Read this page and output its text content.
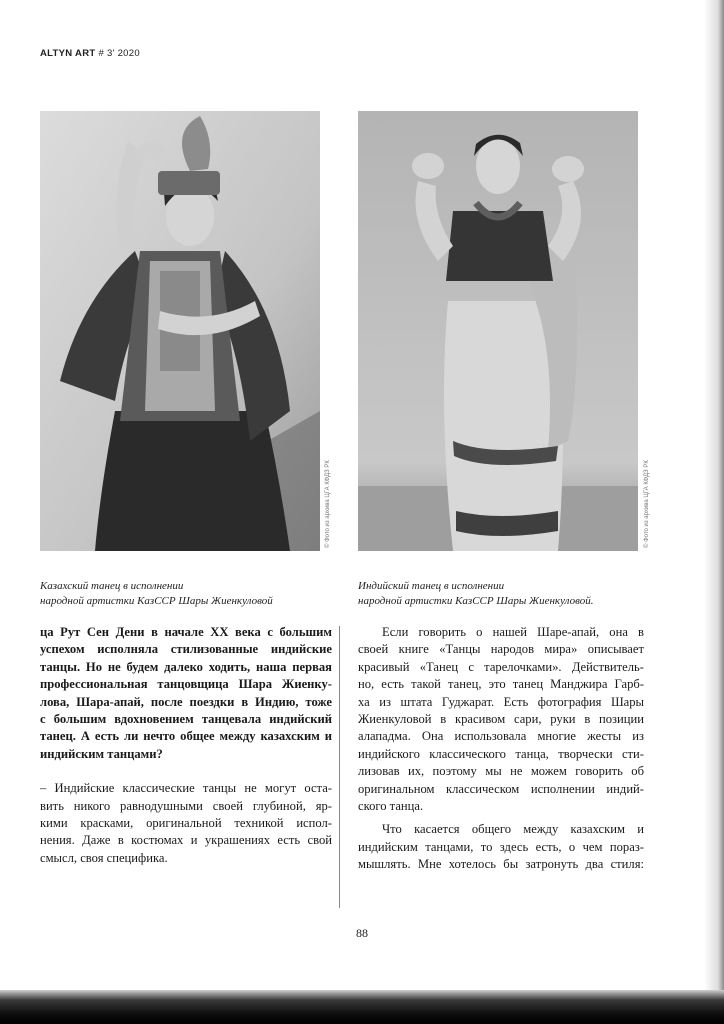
ALTYN ART # 3' 2020
© Фото из архива ЦГА КФДЗ РК	© Фото из архива ЦГА КФДЗ РК
Казахский танец в исполнении
народной артистки КазССР Шары Жиенкуловой
Индийский танец в исполнении
народной артистки КазССР Шары Жиенкуловой.

ца Рут Сен Дени в начале XX века с большим
успехом исполняла стилизованные индийские
танцы. Но не будем далеко ходить, наша первая
профессиональная танцовщица Шара Жиенку-
лова, Шара-апай, после поездки в Индию, тоже
с большим вдохновением танцевала индийский
танец. А есть ли нечто общее между казахским и
индийским танцами?

– Индийские классические танцы не могут оста-
вить никого равнодушными своей глубиной, яр-
кими красками, оригинальной техникой испол-
нения. Даже в костюмах и украшениях есть свой
смысл, своя специфика.

Если говорить о нашей Шаре-апай, она в
своей книге «Танцы народов мира» описывает
красивый «Танец с тарелочками». Действитель-
но, есть такой танец, это танец Манджира Гарб-
ха из штата Гуджарат. Есть фотография Шары
Жиенкуловой в красивом сари, руки в позиции
алападма. Она использовала многие жесты из
индийского классического танца, творчески сти-
лизовав их, поэтому мы не можем говорить об
оригинальном классическом исполнении индий-
ского танца.

Что касается общего между казахским и
индийским танцами, то здесь есть, о чем пораз-
мышлять. Мне хотелось бы затронуть два стиля:

88
